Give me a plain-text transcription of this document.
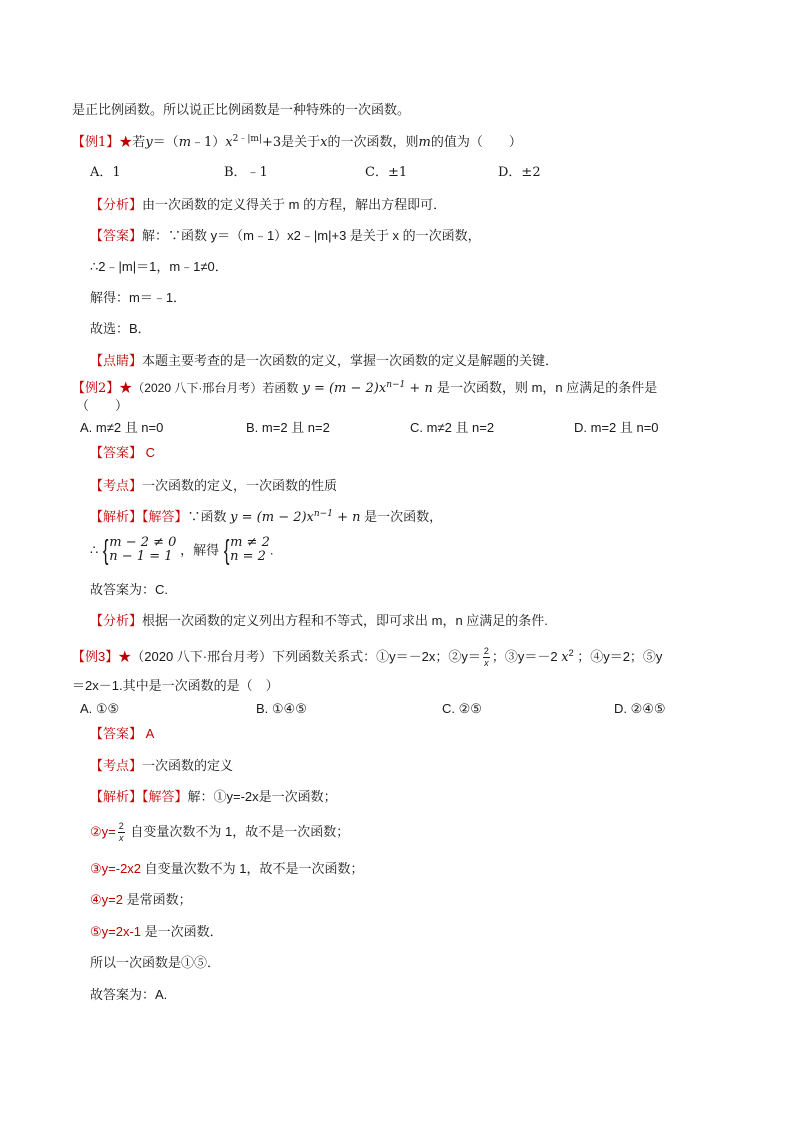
是正比例函数。所以说正比例函数是一种特殊的一次函数。
【例1】★若$y=(m﹣1)x^{2﹣|m|}+3$是关于x的一次函数，则m的值为（　　）
A．1	B．﹣1	C．±1	D．±2
【分析】由一次函数的定义得关于 m 的方程，解出方程即可．
【答案】解：∵函数 y＝（m﹣1）x2﹣|m|+3 是关于 x 的一次函数，
∴2﹣|m|＝1，m﹣1≠0．
解得：m＝﹣1．
故选：B．
【点睛】本题主要考查的是一次函数的定义，掌握一次函数的定义是解题的关键．
【例2】★（2020 八下·邢台月考）若函数 $y = (m - 2)x^{n-1} + n$ 是一次函数，则 m，n 应满足的条件是
（　　）
A. m≠2 且 n=0	B. m=2 且 n=2	C. m≠2 且 n=2	D. m=2 且 n=0
【答案】 C
【考点】一次函数的定义，一次函数的性质
【解析】【解答】∵函数 $y = (m - 2)x^{n-1} + n$ 是一次函数，
∴ { m − 2 ≠ 0
n − 1 = 1 ，解得 { m ≠ 2
n = 2 .
故答案为：C.
【分析】根据一次函数的定义列出方程和不等式，即可求出 m，n 应满足的条件.
【例3】★（2020 八下·邢台月考）下列函数关系式：①y＝－2x；②y＝ $\frac{2}{x}$ ；③y＝－2 $x^2$ ；④y＝2；⑤y
＝2x－1.其中是一次函数的是（　）
A. ①⑤	B. ①④⑤	C. ②⑤	D. ②④⑤
【答案】 A
【考点】一次函数的定义
【解析】【解答】解：①y=-2x是一次函数；
②y= $\frac{2}{x}$ 自变量次数不为 1，故不是一次函数；
③y=-2x2 自变量次数不为 1，故不是一次函数；
④y=2 是常函数；
⑤y=2x-1 是一次函数．
所以一次函数是①⑤．
故答案为：A.
